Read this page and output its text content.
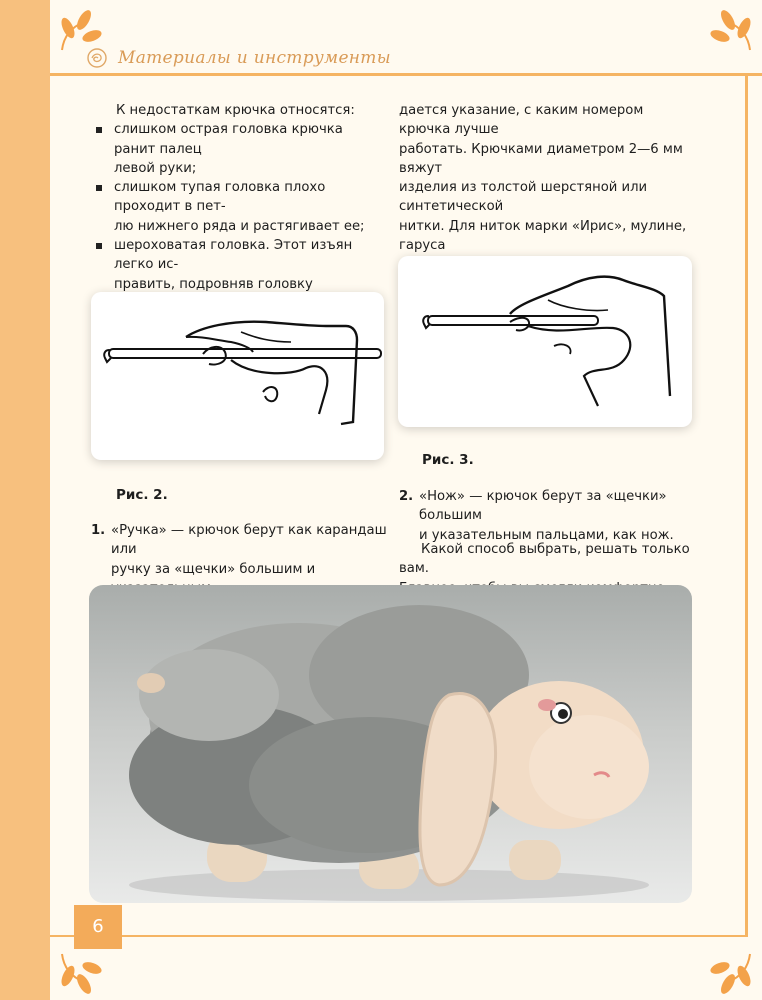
Материалы и инструменты

К недостаткам крючка относятся:

слишком острая головка крючка ранит палец
левой руки;
слишком тупая головка плохо проходит в пет-
лю нижнего ряда и растягивает ее;
шероховатая головка. Этот изъян легко ис-
править, подровняв головку
дается указание, с каким номером крючка лучше
работать. Крючками диаметром 2—6 мм вяжут
изделия из толстой шерстяной или синтетической
нитки. Для ниток марки «Ирис», мулине, гаруса
Рис. 2.
Рис. 3.
1. «Ручка» — крючок берут как карандаш или
ручку за «щечки» большим и
2. «Нож» — крючок берут за «щечки» большим
и указательным пальцами, как нож.
Какой способ выбрать, решать только вам.
6
